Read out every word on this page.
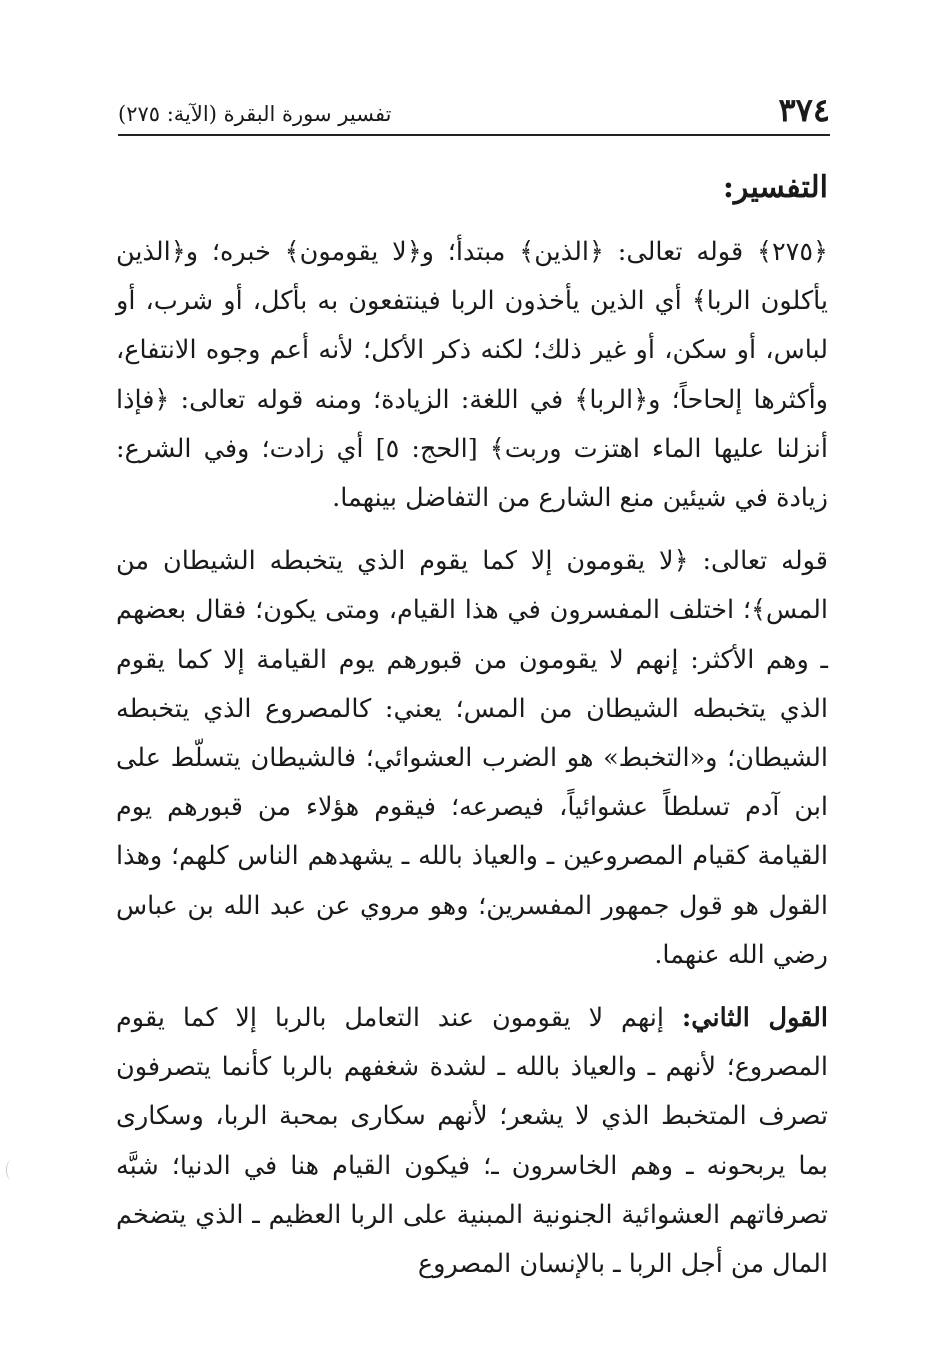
٣٧٤
تفسير سورة البقرة (الآية: ٢٧٥)
التفسير:

﴿٢٧٥﴾ قوله تعالى: ﴿الذين﴾ مبتدأ؛ و﴿لا يقومون﴾ خبره؛ و﴿الذين يأكلون الربا﴾ أي الذين يأخذون الربا فينتفعون به بأكل، أو شرب، أو لباس، أو سكن، أو غير ذلك؛ لكنه ذكر الأكل؛ لأنه أعم وجوه الانتفاع، وأكثرها إلحاحاً؛ و﴿الربا﴾ في اللغة: الزيادة؛ ومنه قوله تعالى: ﴿فإذا أنزلنا عليها الماء اهتزت وربت﴾ [الحج: ٥] أي زادت؛ وفي الشرع: زيادة في شيئين منع الشارع من التفاضل بينهما.

قوله تعالى: ﴿لا يقومون إلا كما يقوم الذي يتخبطه الشيطان من المس﴾؛ اختلف المفسرون في هذا القيام، ومتى يكون؛ فقال بعضهم ـ وهم الأكثر: إنهم لا يقومون من قبورهم يوم القيامة إلا كما يقوم الذي يتخبطه الشيطان من المس؛ يعني: كالمصروع الذي يتخبطه الشيطان؛ و«التخبط» هو الضرب العشوائي؛ فالشيطان يتسلّط على ابن آدم تسلطاً عشوائياً، فيصرعه؛ فيقوم هؤلاء من قبورهم يوم القيامة كقيام المصروعين ـ والعياذ بالله ـ يشهدهم الناس كلهم؛ وهذا القول هو قول جمهور المفسرين؛ وهو مروي عن عبد الله بن عباس رضي الله عنهما.

القول الثاني: إنهم لا يقومون عند التعامل بالربا إلا كما يقوم المصروع؛ لأنهم ـ والعياذ بالله ـ لشدة شغفهم بالربا كأنما يتصرفون تصرف المتخبط الذي لا يشعر؛ لأنهم سكارى بمحبة الربا، وسكارى بما يربحونه ـ وهم الخاسرون ـ؛ فيكون القيام هنا في الدنيا؛ شبَّه تصرفاتهم العشوائية الجنونية المبنية على الربا العظيم ـ الذي يتضخم المال من أجل الربا ـ بالإنسان المصروع
